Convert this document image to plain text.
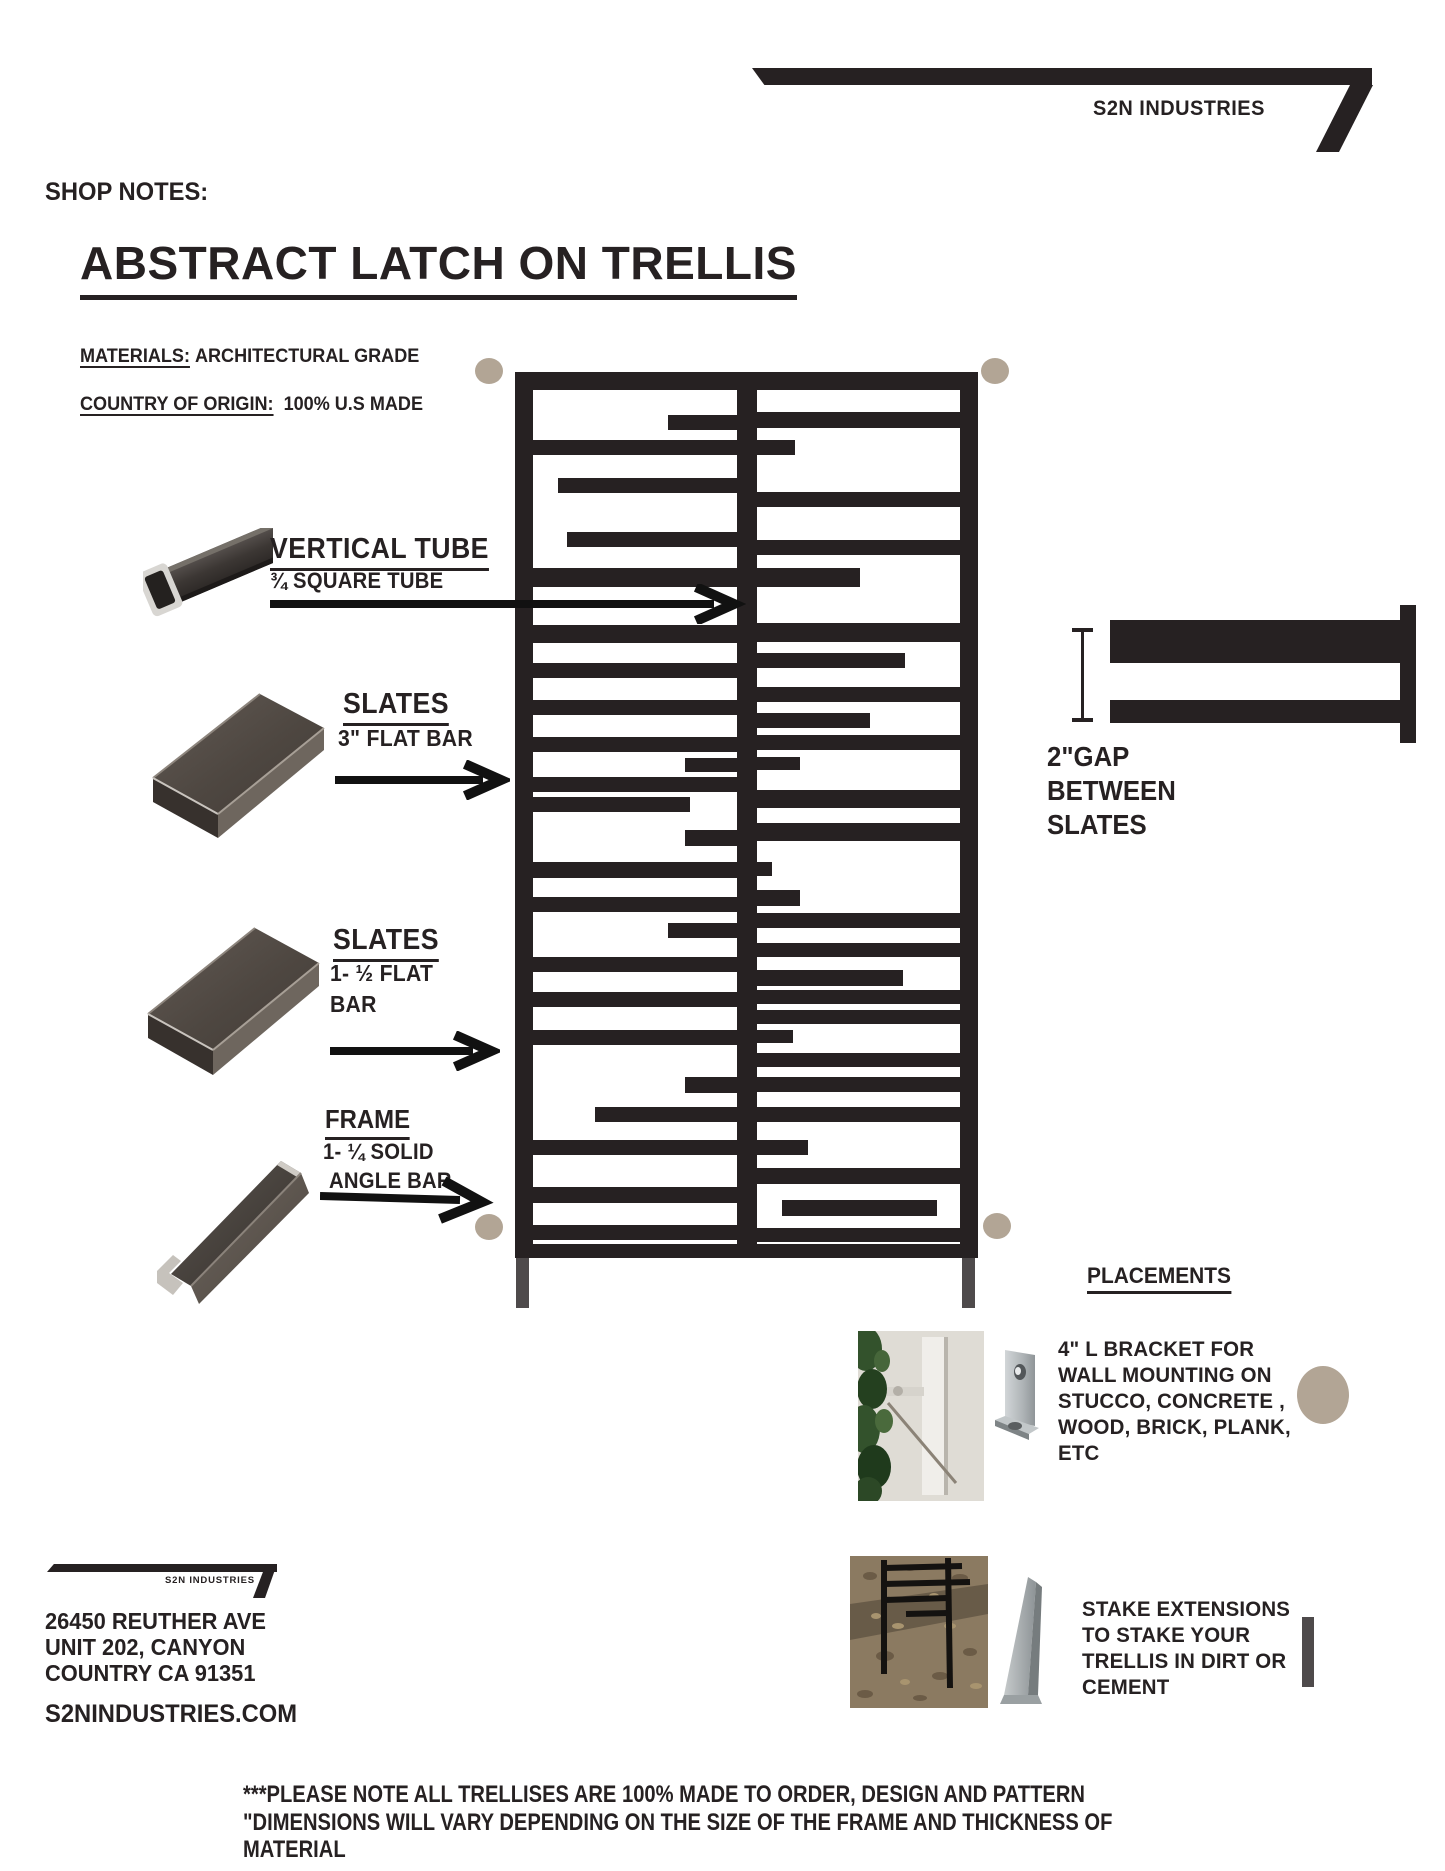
S2N INDUSTRIES
SHOP NOTES:
ABSTRACT LATCH ON TRELLIS
MATERIALS: ARCHITECTURAL GRADE
COUNTRY OF ORIGIN: 100% U.S MADE
VERTICAL TUBE
¾ SQUARE TUBE
SLATES
3" FLAT BAR
2"GAP
BETWEEN
SLATES
SLATES
1- ½ FLAT
BAR
FRAME
1- ¼ SOLID
ANGLE BAR
PLACEMENTS
4" L BRACKET FOR
WALL MOUNTING ON
STUCCO, CONCRETE ,
WOOD, BRICK, PLANK,
ETC
STAKE EXTENSIONS
TO STAKE YOUR
TRELLIS IN DIRT OR
CEMENT
S2N INDUSTRIES
26450 REUTHER AVE
UNIT 202, CANYON
COUNTRY CA 91351
S2NINDUSTRIES.COM
***PLEASE NOTE ALL TRELLISES ARE 100% MADE TO ORDER, DESIGN AND PATTERN
"DIMENSIONS WILL VARY DEPENDING ON THE SIZE OF THE FRAME AND THICKNESS OF
MATERIAL
